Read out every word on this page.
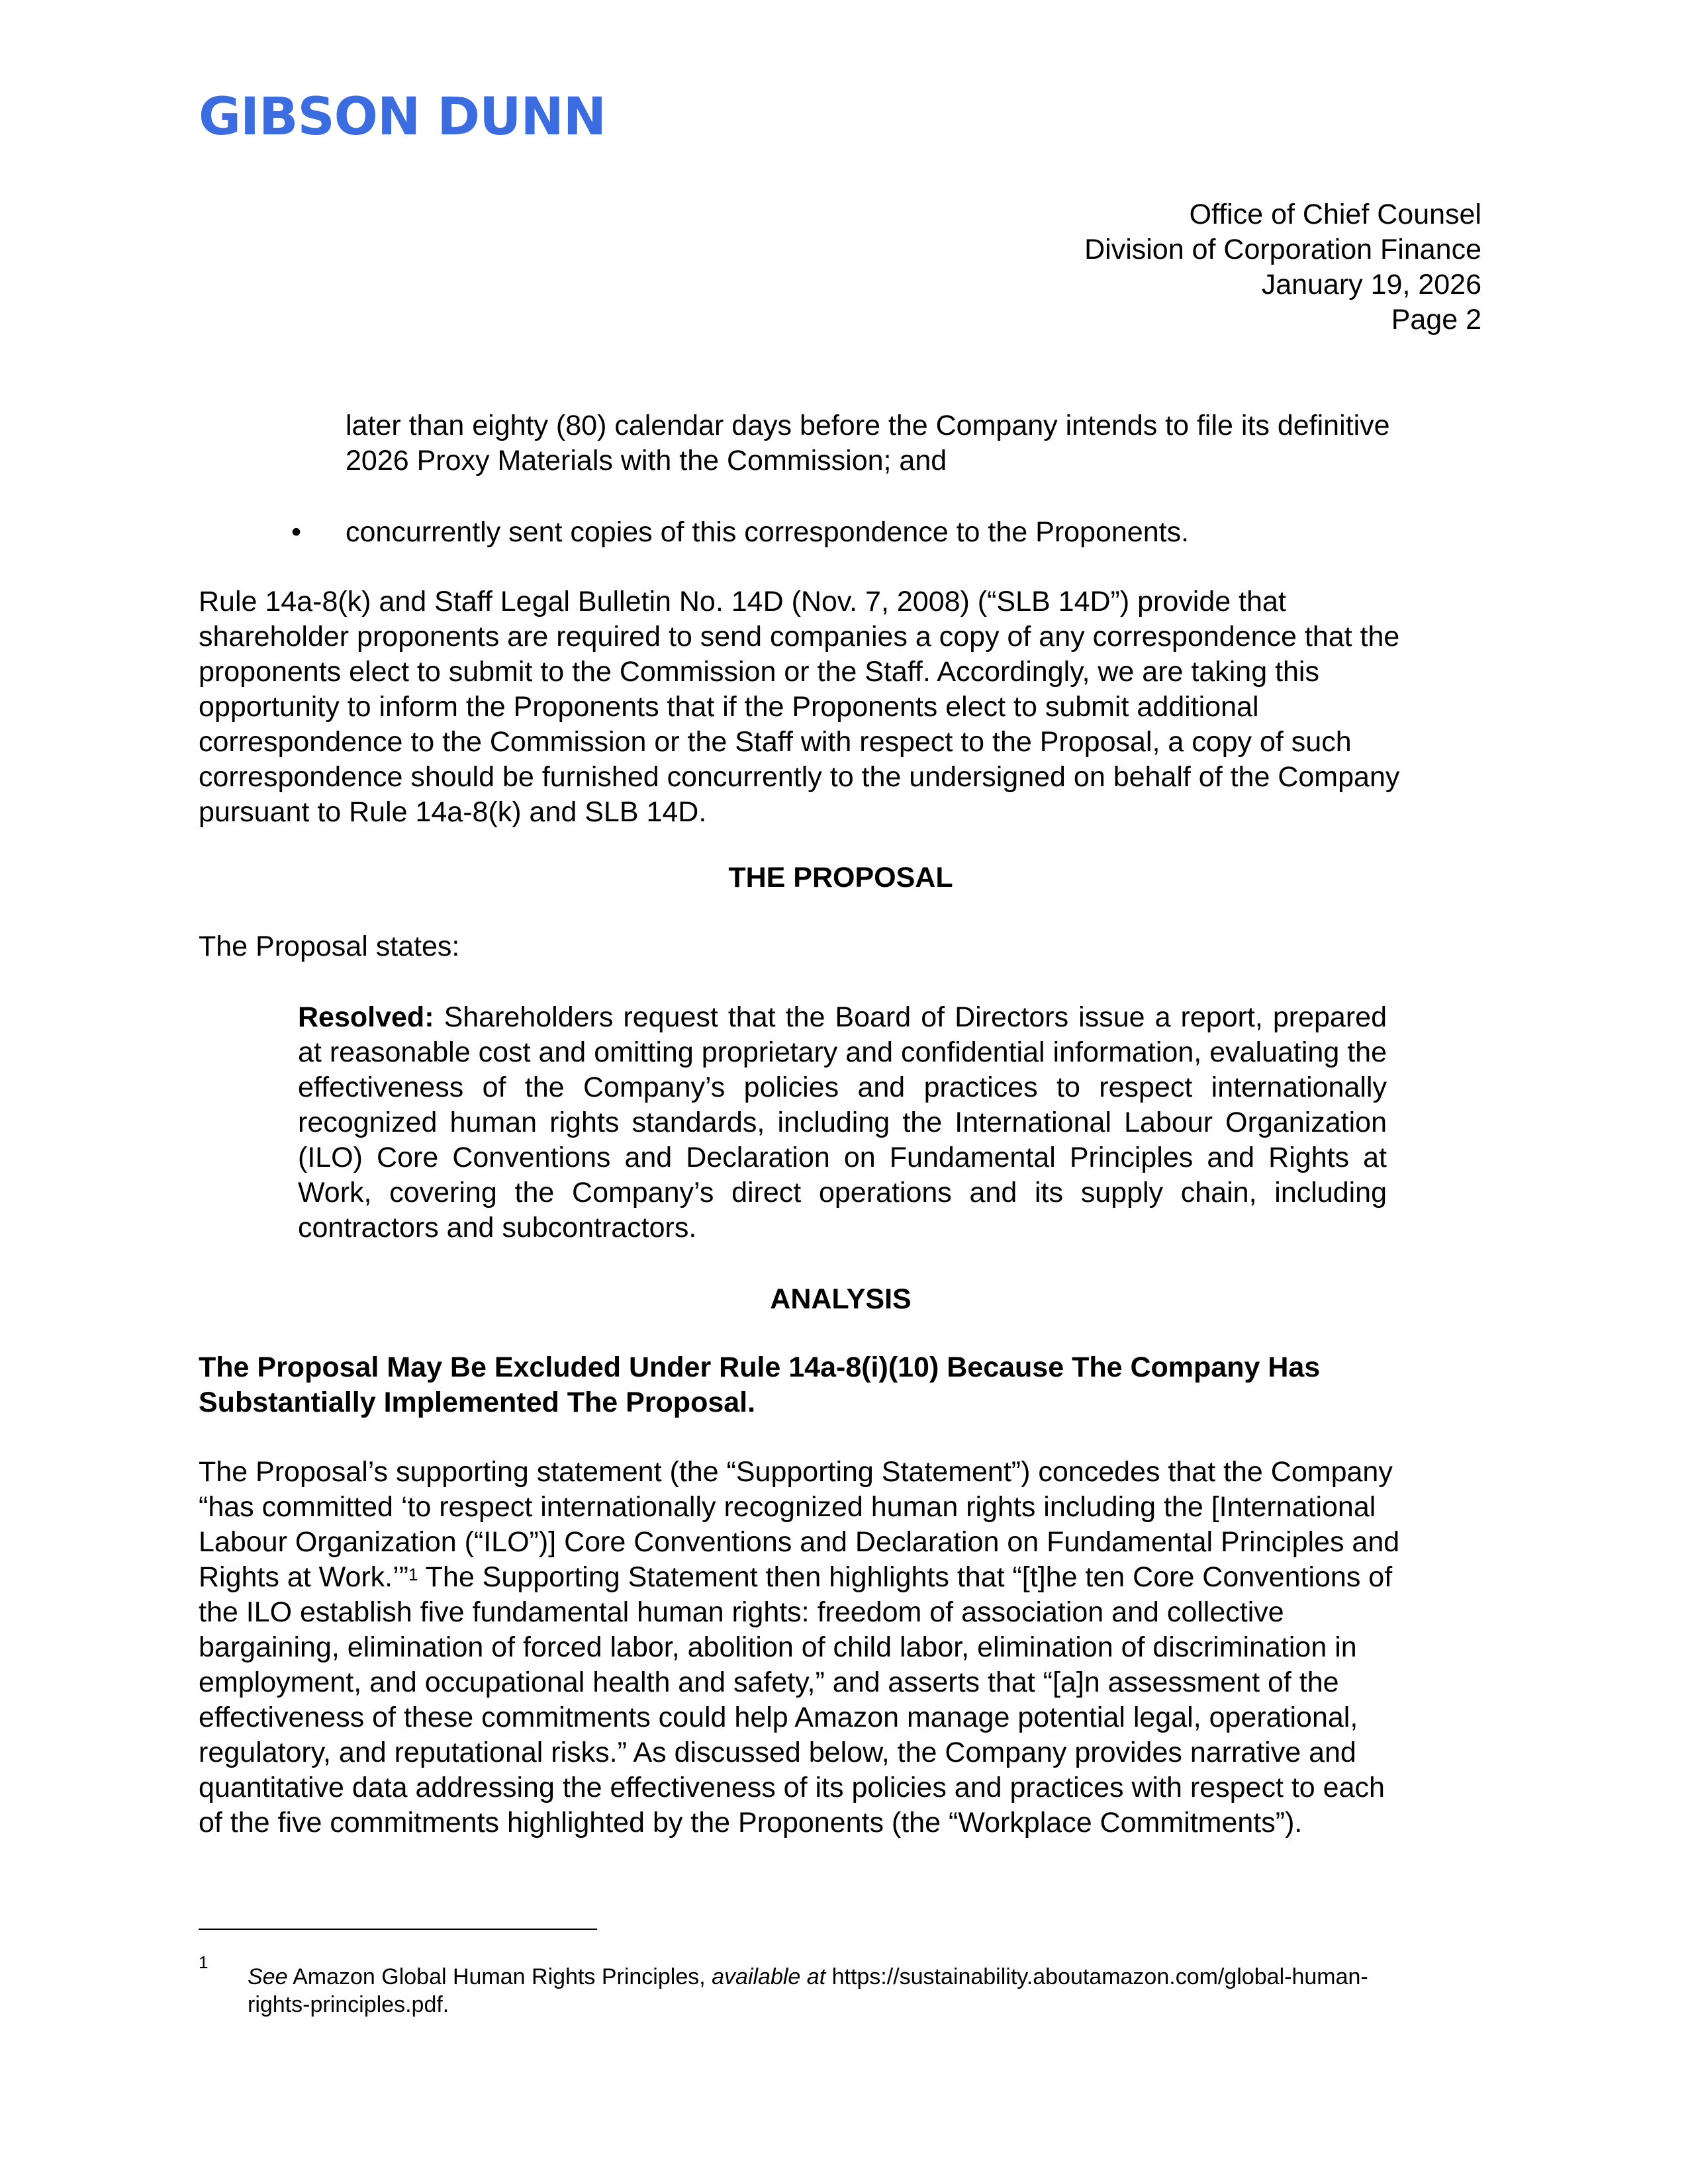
GIBSON DUNN
Office of Chief Counsel
Division of Corporation Finance
January 19, 2026
Page 2
later than eighty (80) calendar days before the Company intends to file its definitive
2026 Proxy Materials with the Commission; and
• concurrently sent copies of this correspondence to the Proponents.
Rule 14a-8(k) and Staff Legal Bulletin No. 14D (Nov. 7, 2008) (“SLB 14D”) provide that
shareholder proponents are required to send companies a copy of any correspondence that the
proponents elect to submit to the Commission or the Staff. Accordingly, we are taking this
opportunity to inform the Proponents that if the Proponents elect to submit additional
correspondence to the Commission or the Staff with respect to the Proposal, a copy of such
correspondence should be furnished concurrently to the undersigned on behalf of the Company
pursuant to Rule 14a-8(k) and SLB 14D.
THE PROPOSAL
The Proposal states:
Resolved: Shareholders request that the Board of Directors issue a report, prepared at reasonable cost and omitting proprietary and confidential information, evaluating the effectiveness of the Company’s policies and practices to respect internationally recognized human rights standards, including the International Labour Organization (ILO) Core Conventions and Declaration on Fundamental Principles and Rights at Work, covering the Company’s direct operations and its supply chain, including contractors and subcontractors.
ANALYSIS
The Proposal May Be Excluded Under Rule 14a-8(i)(10) Because The Company Has
Substantially Implemented The Proposal.
The Proposal’s supporting statement (the “Supporting Statement”) concedes that the Company
“has committed ‘to respect internationally recognized human rights including the [International
Labour Organization (“ILO”)] Core Conventions and Declaration on Fundamental Principles and
Rights at Work.’”$^1$ The Supporting Statement then highlights that “[t]he ten Core Conventions of
the ILO establish five fundamental human rights: freedom of association and collective
bargaining, elimination of forced labor, abolition of child labor, elimination of discrimination in
employment, and occupational health and safety,” and asserts that “[a]n assessment of the
effectiveness of these commitments could help Amazon manage potential legal, operational,
regulatory, and reputational risks.” As discussed below, the Company provides narrative and
quantitative data addressing the effectiveness of its policies and practices with respect to each
of the five commitments highlighted by the Proponents (the “Workplace Commitments”).
1
See Amazon Global Human Rights Principles, available at https://sustainability.aboutamazon.com/global-human-
rights-principles.pdf.
